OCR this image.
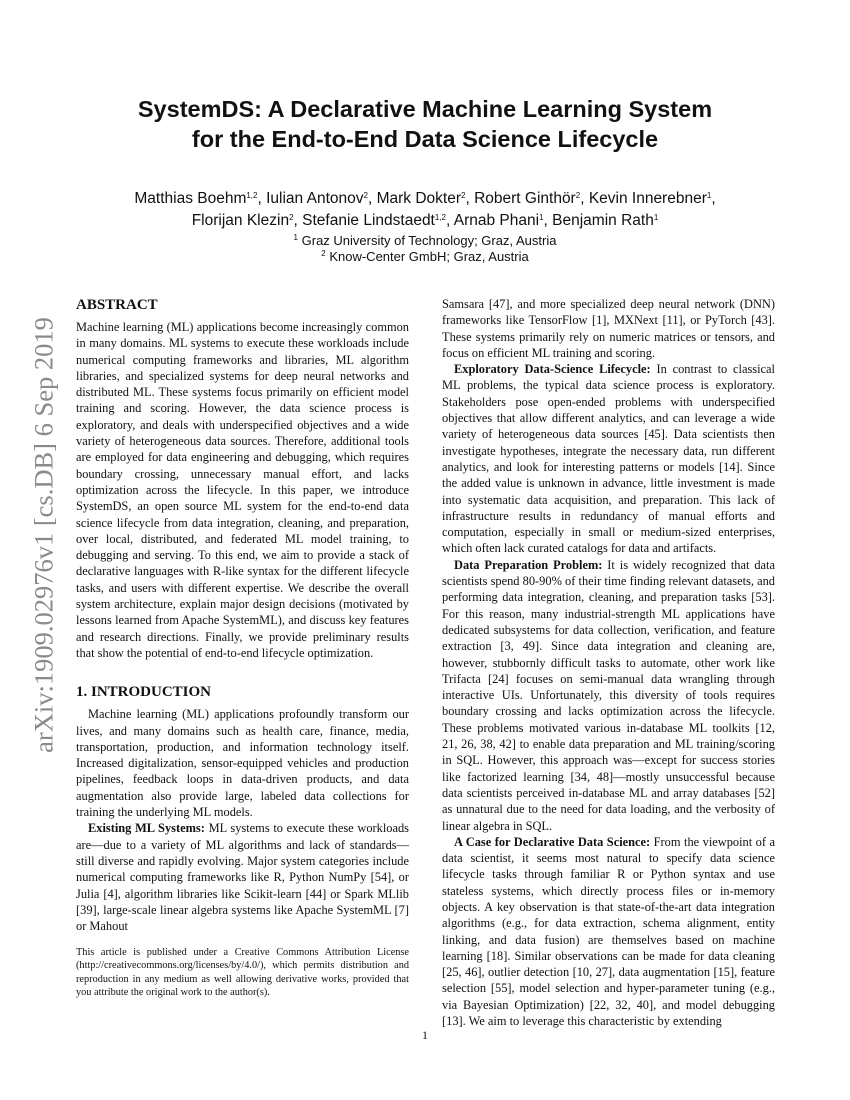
arXiv:1909.02976v1 [cs.DB] 6 Sep 2019
SystemDS: A Declarative Machine Learning System
for the End-to-End Data Science Lifecycle
Matthias Boehm$^{1,2}$, Iulian Antonov$^2$, Mark Dokter$^2$, Robert Ginthör$^2$, Kevin Innerebner$^1$,
Florijan Klezin$^2$, Stefanie Lindstaedt$^{1,2}$, Arnab Phani$^1$, Benjamin Rath$^1$
$^1$ Graz University of Technology; Graz, Austria
$^2$ Know-Center GmbH; Graz, Austria
ABSTRACT

Machine learning (ML) applications become increasingly common in many domains. ML systems to execute these workloads include numerical computing frameworks and libraries, ML algorithm libraries, and specialized systems for deep neural networks and distributed ML. These systems focus primarily on efficient model training and scoring. However, the data science process is exploratory, and deals with underspecified objectives and a wide variety of heterogeneous data sources. Therefore, additional tools are employed for data engineering and debugging, which requires boundary crossing, unnecessary manual effort, and lacks optimization across the lifecycle. In this paper, we introduce SystemDS, an open source ML system for the end-to-end data science lifecycle from data integration, cleaning, and preparation, over local, distributed, and federated ML model training, to debugging and serving. To this end, we aim to provide a stack of declarative languages with R-like syntax for the different lifecycle tasks, and users with different expertise. We describe the overall system architecture, explain major design decisions (motivated by lessons learned from Apache SystemML), and discuss key features and research directions. Finally, we provide preliminary results that show the potential of end-to-end lifecycle optimization.

1. INTRODUCTION

Machine learning (ML) applications profoundly transform our lives, and many domains such as health care, finance, media, transportation, production, and information technology itself. Increased digitalization, sensor-equipped vehicles and production pipelines, feedback loops in data-driven products, and data augmentation also provide large, labeled data collections for training the underlying ML models.

Existing ML Systems: ML systems to execute these workloads are—due to a variety of ML algorithms and lack of standards—still diverse and rapidly evolving. Major system categories include numerical computing frameworks like R, Python NumPy [54], or Julia [4], algorithm libraries like Scikit-learn [44] or Spark MLlib [39], large-scale linear algebra systems like Apache SystemML [7] or Mahout

This article is published under a Creative Commons Attribution License (http://creativecommons.org/licenses/by/4.0/), which permits distribution and reproduction in any medium as well allowing derivative works, provided that you attribute the original work to the author(s).

Samsara [47], and more specialized deep neural network (DNN) frameworks like TensorFlow [1], MXNext [11], or PyTorch [43]. These systems primarily rely on numeric matrices or tensors, and focus on efficient ML training and scoring.

Exploratory Data-Science Lifecycle: In contrast to classical ML problems, the typical data science process is exploratory. Stakeholders pose open-ended problems with underspecified objectives that allow different analytics, and can leverage a wide variety of heterogeneous data sources [45]. Data scientists then investigate hypotheses, integrate the necessary data, run different analytics, and look for interesting patterns or models [14]. Since the added value is unknown in advance, little investment is made into systematic data acquisition, and preparation. This lack of infrastructure results in redundancy of manual efforts and computation, especially in small or medium-sized enterprises, which often lack curated catalogs for data and artifacts.

Data Preparation Problem: It is widely recognized that data scientists spend 80-90% of their time finding relevant datasets, and performing data integration, cleaning, and preparation tasks [53]. For this reason, many industrial-strength ML applications have dedicated subsystems for data collection, verification, and feature extraction [3, 49]. Since data integration and cleaning are, however, stubbornly difficult tasks to automate, other work like Trifacta [24] focuses on semi-manual data wrangling through interactive UIs. Unfortunately, this diversity of tools requires boundary crossing and lacks optimization across the lifecycle. These problems motivated various in-database ML toolkits [12, 21, 26, 38, 42] to enable data preparation and ML training/scoring in SQL. However, this approach was—except for success stories like factorized learning [34, 48]—mostly unsuccessful because data scientists perceived in-database ML and array databases [52] as unnatural due to the need for data loading, and the verbosity of linear algebra in SQL.

A Case for Declarative Data Science: From the viewpoint of a data scientist, it seems most natural to specify data science lifecycle tasks through familiar R or Python syntax and use stateless systems, which directly process files or in-memory objects. A key observation is that state-of-the-art data integration algorithms (e.g., for data extraction, schema alignment, entity linking, and data fusion) are themselves based on machine learning [18]. Similar observations can be made for data cleaning [25, 46], outlier detection [10, 27], data augmentation [15], feature selection [55], model selection and hyper-parameter tuning (e.g., via Bayesian Optimization) [22, 32, 40], and model debugging [13]. We aim to leverage this characteristic by extending

1
